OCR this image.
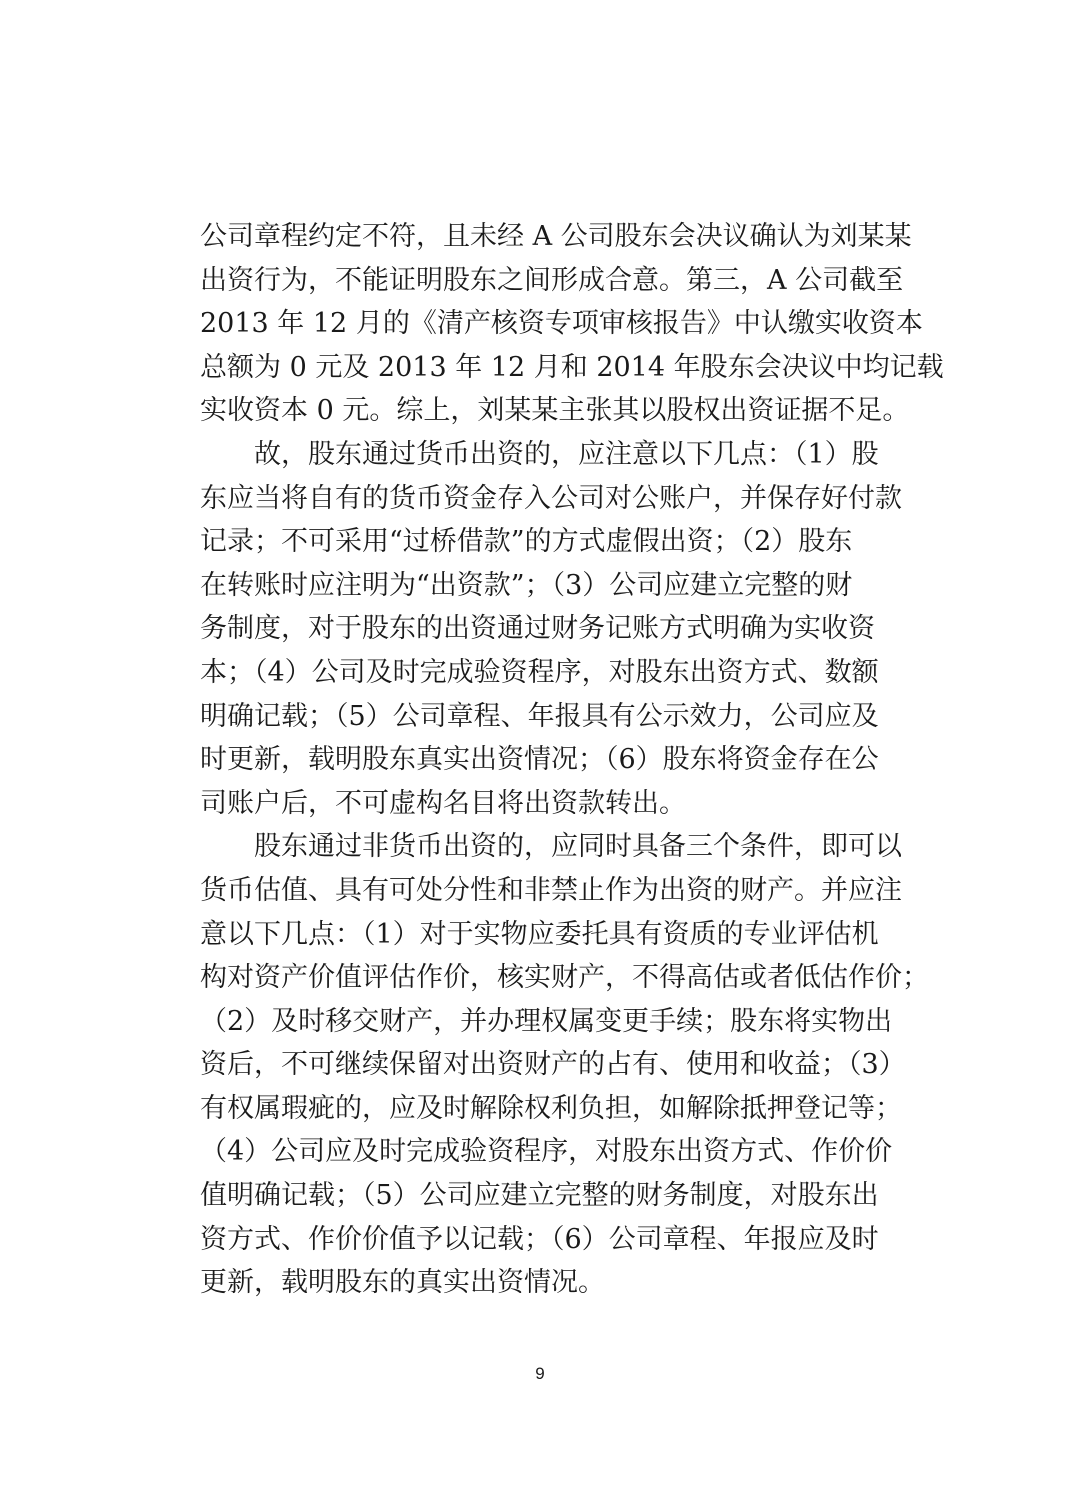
公司章程约定不符，且未经 A 公司股东会决议确认为刘某某
出资行为，不能证明股东之间形成合意。第三，A 公司截至
2013 年 12 月的《清产核资专项审核报告》中认缴实收资本
总额为 0 元及 2013 年 12 月和 2014 年股东会决议中均记载
实收资本 0 元。综上，刘某某主张其以股权出资证据不足。
　　故，股东通过货币出资的，应注意以下几点：（1）股
东应当将自有的货币资金存入公司对公账户，并保存好付款
记录；不可采用“过桥借款”的方式虚假出资；（2）股东
在转账时应注明为“出资款”；（3）公司应建立完整的财
务制度，对于股东的出资通过财务记账方式明确为实收资
本；（4）公司及时完成验资程序，对股东出资方式、数额
明确记载；（5）公司章程、年报具有公示效力，公司应及
时更新，载明股东真实出资情况；（6）股东将资金存在公
司账户后，不可虚构名目将出资款转出。
　　股东通过非货币出资的，应同时具备三个条件，即可以
货币估值、具有可处分性和非禁止作为出资的财产。并应注
意以下几点：（1）对于实物应委托具有资质的专业评估机
构对资产价值评估作价，核实财产，不得高估或者低估作价；
（2）及时移交财产，并办理权属变更手续；股东将实物出
资后，不可继续保留对出资财产的占有、使用和收益；（3）
有权属瑕疵的，应及时解除权利负担，如解除抵押登记等；
（4）公司应及时完成验资程序，对股东出资方式、作价价
值明确记载；（5）公司应建立完整的财务制度，对股东出
资方式、作价价值予以记载；（6）公司章程、年报应及时
更新，载明股东的真实出资情况。
9
